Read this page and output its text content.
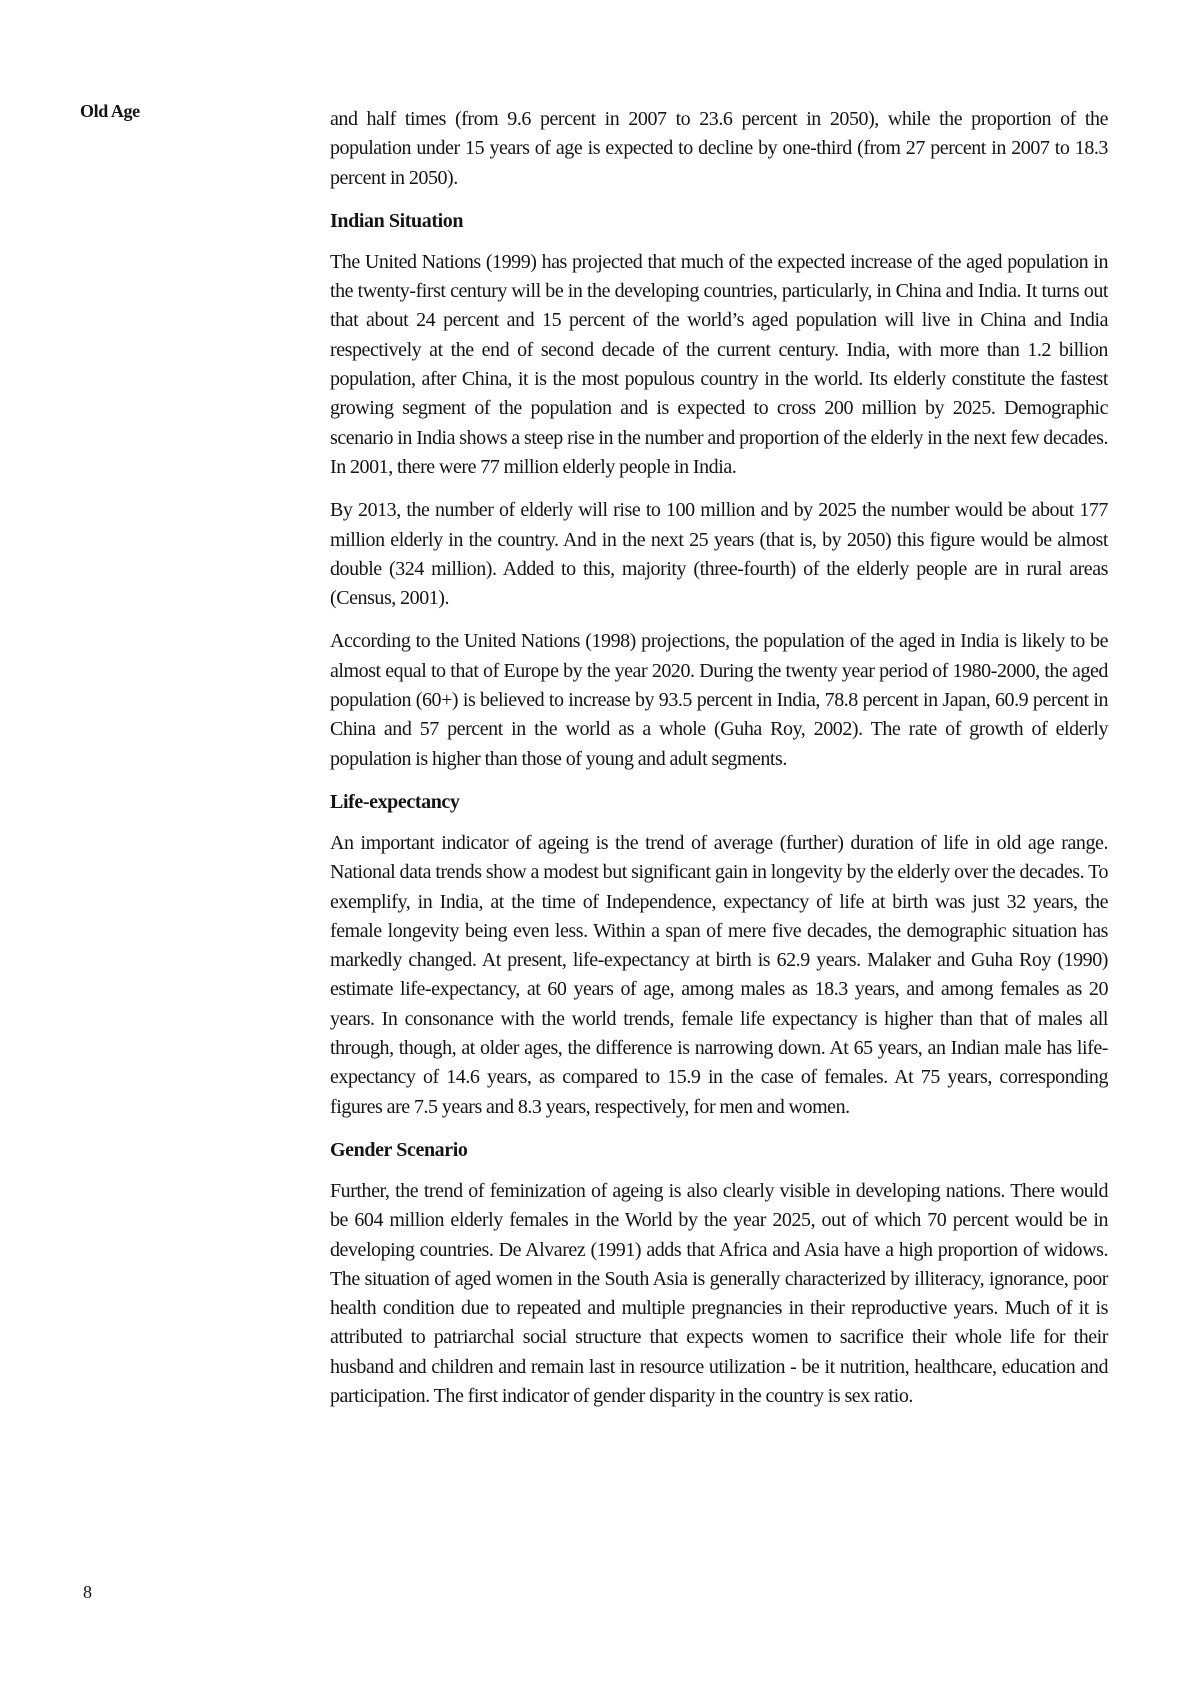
Old Age	and half times (from 9.6 percent in 2007 to 23.6 percent in 2050), while the proportion of the population under 15 years of age is expected to decline by one-third (from 27 percent in 2007 to 18.3 percent in 2050).

Indian Situation

The United Nations (1999) has projected that much of the expected increase of the aged population in the twenty-first century will be in the developing countries, particularly, in China and India. It turns out that about 24 percent and 15 percent of the world’s aged population will live in China and India respectively at the end of second decade of the current century. India, with more than 1.2 billion population, after China, it is the most populous country in the world. Its elderly constitute the fastest growing segment of the population and is expected to cross 200 million by 2025. Demographic scenario in India shows a steep rise in the number and proportion of the elderly in the next few decades. In 2001, there were 77 million elderly people in India.

By 2013, the number of elderly will rise to 100 million and by 2025 the number would be about 177 million elderly in the country. And in the next 25 years (that is, by 2050) this figure would be almost double (324 million). Added to this, majority (three-fourth) of the elderly people are in rural areas (Census, 2001).

According to the United Nations (1998) projections, the population of the aged in India is likely to be almost equal to that of Europe by the year 2020. During the twenty year period of 1980-2000, the aged population (60+) is believed to increase by 93.5 percent in India, 78.8 percent in Japan, 60.9 percent in China and 57 percent in the world as a whole (Guha Roy, 2002). The rate of growth of elderly population is higher than those of young and adult segments.

Life-expectancy

An important indicator of ageing is the trend of average (further) duration of life in old age range. National data trends show a modest but significant gain in longevity by the elderly over the decades. To exemplify, in India, at the time of Independence, expectancy of life at birth was just 32 years, the female longevity being even less. Within a span of mere five decades, the demographic situation has markedly changed. At present, life-expectancy at birth is 62.9 years. Malaker and Guha Roy (1990) estimate life-expectancy, at 60 years of age, among males as 18.3 years, and among females as 20 years. In consonance with the world trends, female life expectancy is higher than that of males all through, though, at older ages, the difference is narrowing down. At 65 years, an Indian male has life-expectancy of 14.6 years, as compared to 15.9 in the case of females. At 75 years, corresponding figures are 7.5 years and 8.3 years, respectively, for men and women.

Gender Scenario

Further, the trend of feminization of ageing is also clearly visible in developing nations. There would be 604 million elderly females in the World by the year 2025, out of which 70 percent would be in developing countries. De Alvarez (1991) adds that Africa and Asia have a high proportion of widows. The situation of aged women in the South Asia is generally characterized by illiteracy, ignorance, poor health condition due to repeated and multiple pregnancies in their reproductive years. Much of it is attributed to patriarchal social structure that expects women to sacrifice their whole life for their husband and children and remain last in resource utilization - be it nutrition, healthcare, education and participation. The first indicator of gender disparity in the country is sex ratio.

8
